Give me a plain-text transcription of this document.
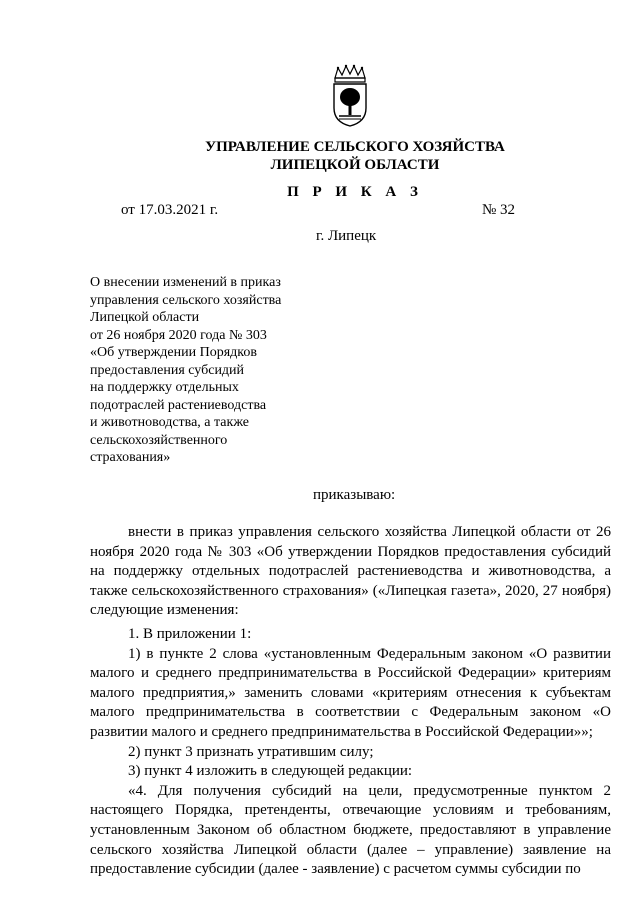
УПРАВЛЕНИЕ СЕЛЬСКОГО ХОЗЯЙСТВА
ЛИПЕЦКОЙ ОБЛАСТИ
П Р И К А З
от 17.03.2021 г.	№ 32
г. Липецк
О внесении изменений в приказ
управления сельского хозяйства
Липецкой области
от 26 ноября 2020 года № 303
«Об утверждении Порядков
предоставления субсидий
на поддержку отдельных
подотраслей растениеводства
и животноводства, а также
сельскохозяйственного
страхования»
приказываю:
внести в приказ управления сельского хозяйства Липецкой области от 26 ноября 2020 года № 303 «Об утверждении Порядков предоставления субсидий на поддержку отдельных подотраслей растениеводства и животноводства, а также сельскохозяйственного страхования» («Липецкая газета», 2020, 27 ноября) следующие изменения:

1. В приложении 1:

1) в пункте 2 слова «установленным Федеральным законом «О развитии малого и среднего предпринимательства в Российской Федерации» критериям малого предприятия,» заменить словами «критериям отнесения к субъектам малого предпринимательства в соответствии с Федеральным законом «О развитии малого и среднего предпринимательства в Российской Федерации»»;

2) пункт 3 признать утратившим силу;

3) пункт 4 изложить в следующей редакции:

«4. Для получения субсидий на цели, предусмотренные пунктом 2 настоящего Порядка, претенденты, отвечающие условиям и требованиям, установленным Законом об областном бюджете, предоставляют в управление сельского хозяйства Липецкой области (далее – управление) заявление на предоставление субсидии (далее - заявление) с расчетом суммы субсидии по
